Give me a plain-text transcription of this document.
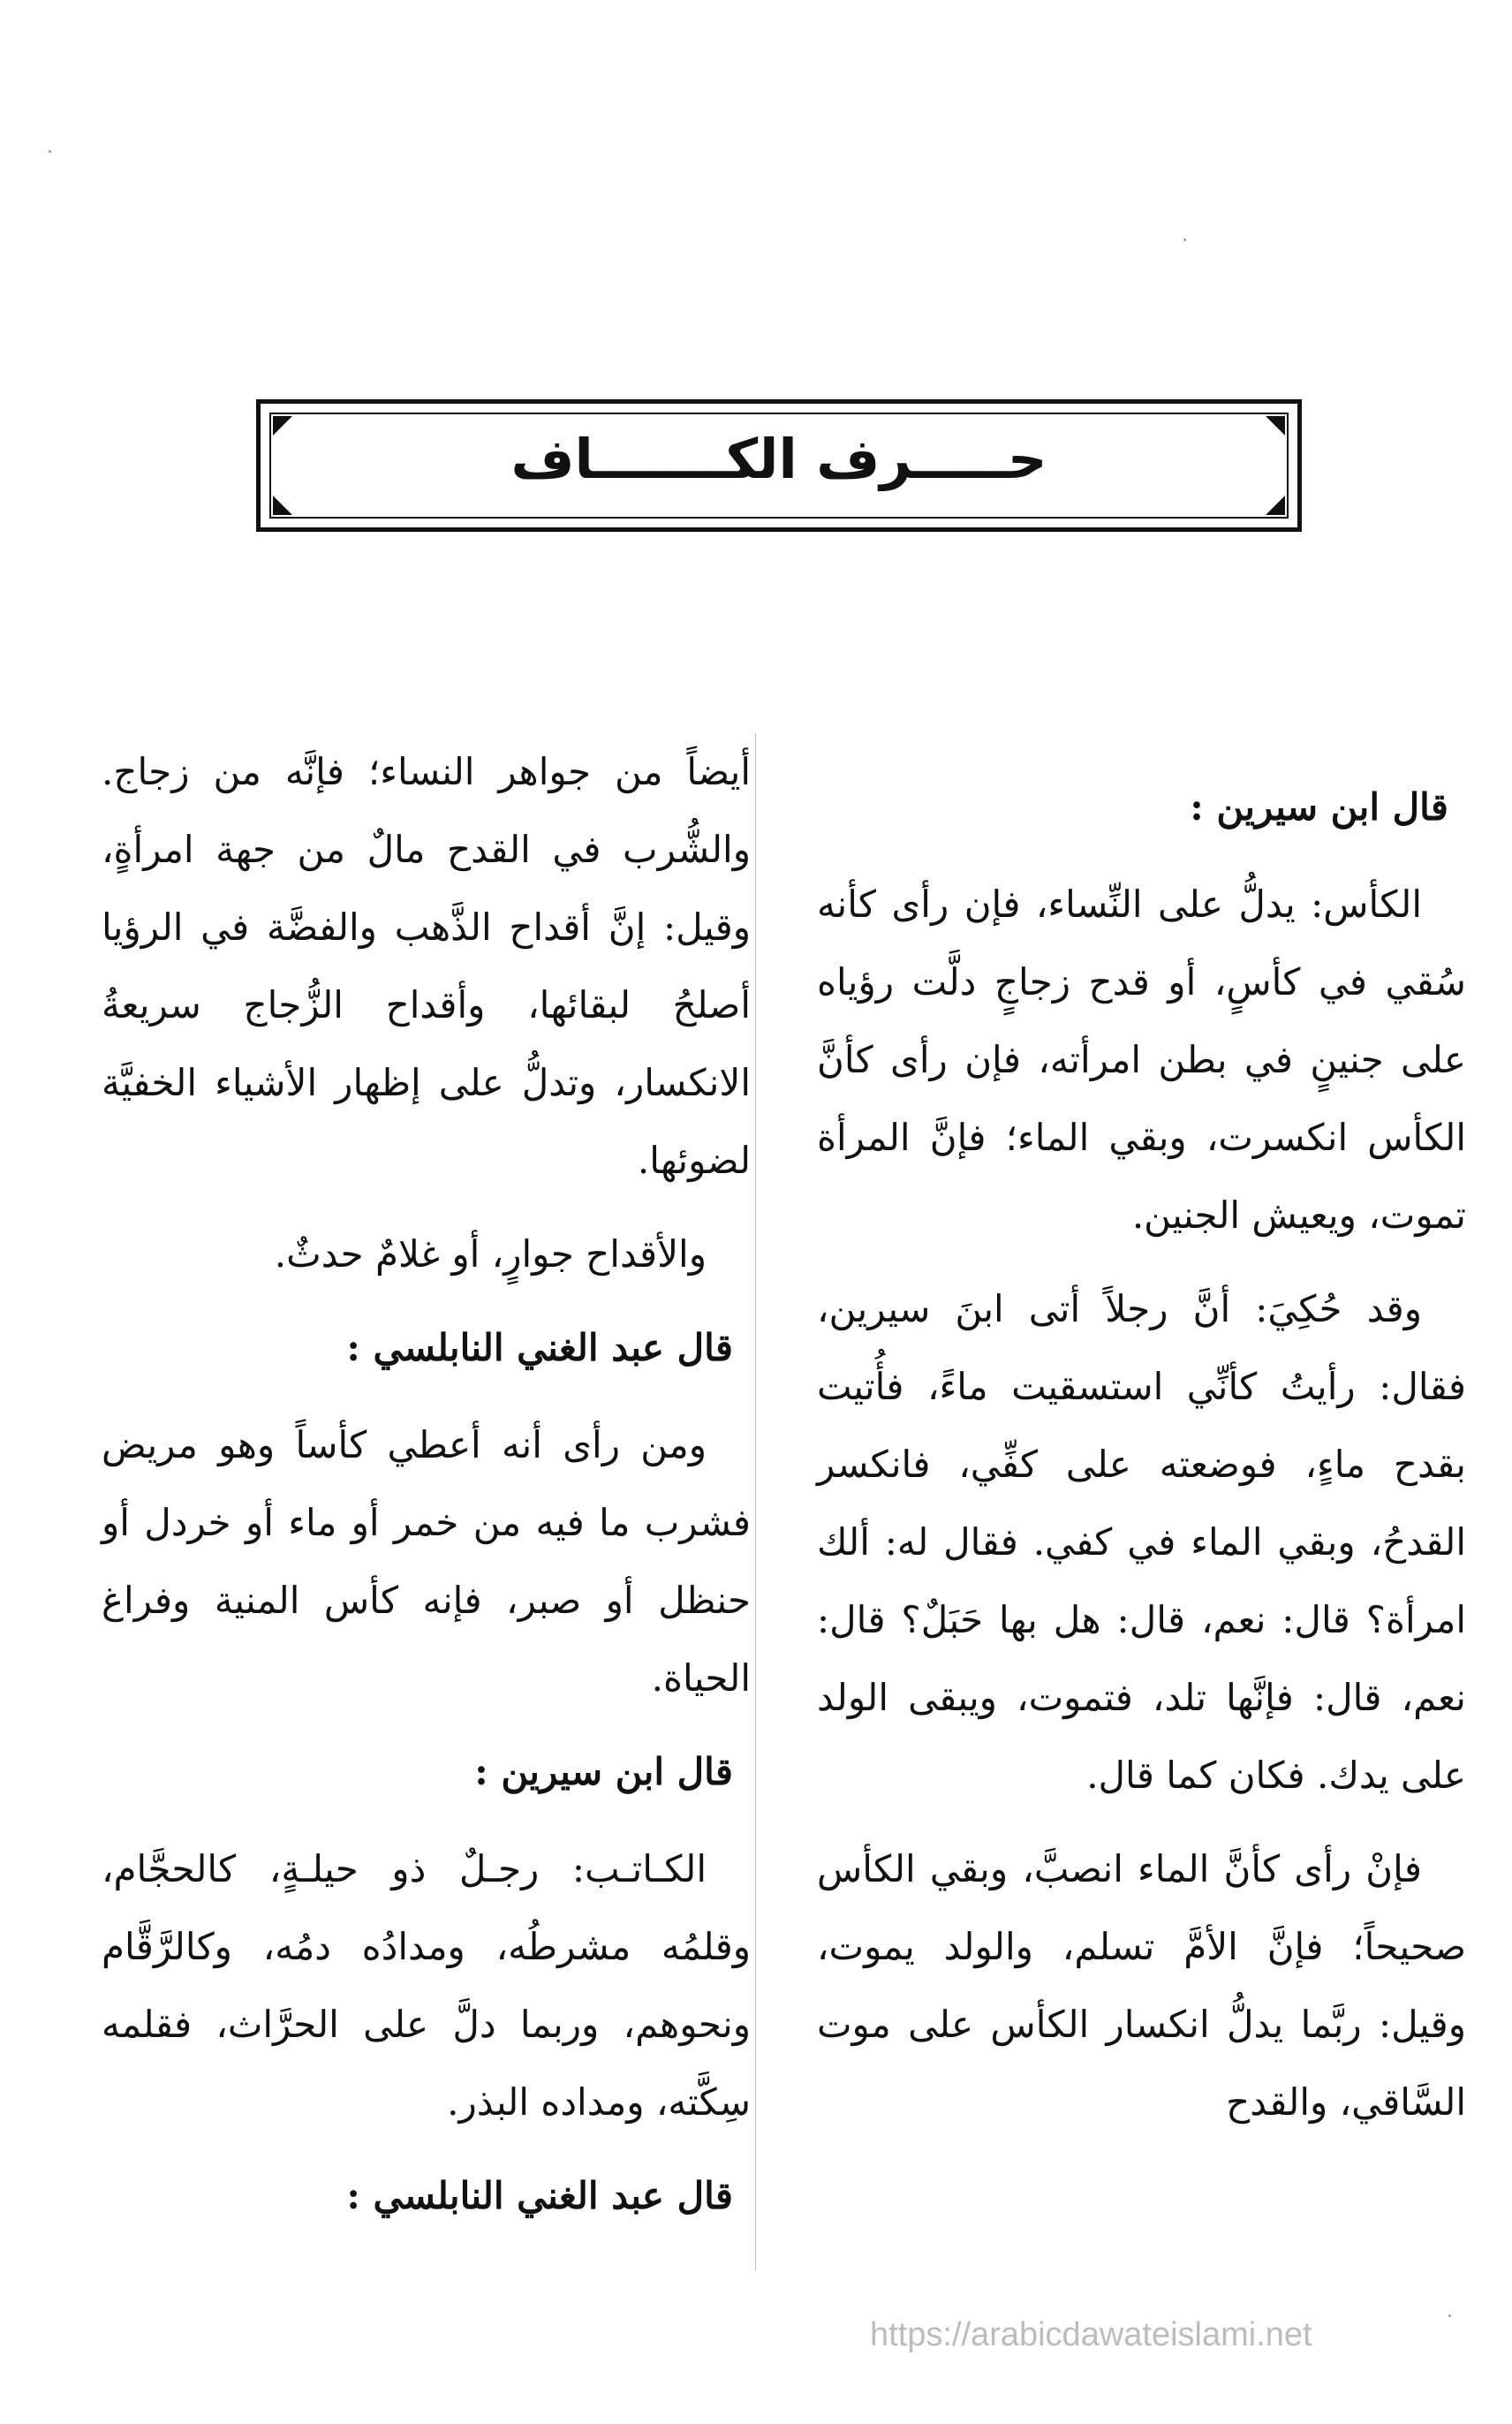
حـــــرف الكـــــــاف
قال ابن سيرين :

الكأس: يدلُّ على النِّساء، فإن رأى كأنه سُقي في كأسٍ، أو قدح زجاجٍ دلَّت رؤياه على جنينٍ في بطن امرأته، فإن رأى كأنَّ الكأس انكسرت، وبقي الماء؛ فإنَّ المرأة تموت، ويعيش الجنين.

وقد حُكِيَ: أنَّ رجلاً أتى ابنَ سيرين، فقال: رأيتُ كأنِّي استسقيت ماءً، فأُتيت بقدح ماءٍ، فوضعته على كفِّي، فانكسر القدحُ، وبقي الماء في كفي. فقال له: ألك امرأة؟ قال: نعم، قال: هل بها حَبَلٌ؟ قال: نعم، قال: فإنَّها تلد، فتموت، ويبقى الولد على يدك. فكان كما قال.

فإنْ رأى كأنَّ الماء انصبَّ، وبقي الكأس صحيحاً؛ فإنَّ الأمَّ تسلم، والولد يموت، وقيل: ربَّما يدلُّ انكسار الكأس على موت السَّاقي، والقدح

أيضاً من جواهر النساء؛ فإنَّه من زجاج. والشُّرب في القدح مالٌ من جهة امرأةٍ، وقيل: إنَّ أقداح الذَّهب والفضَّة في الرؤيا أصلحُ لبقائها، وأقداح الزُّجاج سريعةُ الانكسار، وتدلُّ على إظهار الأشياء الخفيَّة لضوئها.

والأقداح جوارٍ، أو غلامٌ حدثٌ.

قال عبد الغني النابلسي :

ومن رأى أنه أعطي كأساً وهو مريض فشرب ما فيه من خمر أو ماء أو خردل أو حنظل أو صبر، فإنه كأس المنية وفراغ الحياة.

قال ابن سيرين :

الكـاتـب: رجـلٌ ذو حيلـةٍ، كالحجَّام، وقلمُه مشرطُه، ومدادُه دمُه، وكالرَّقَّام ونحوهم، وربما دلَّ على الحرَّاث، فقلمه سِكَّته، ومداده البذر.

قال عبد الغني النابلسي :
https://arabicdawateislami.net
